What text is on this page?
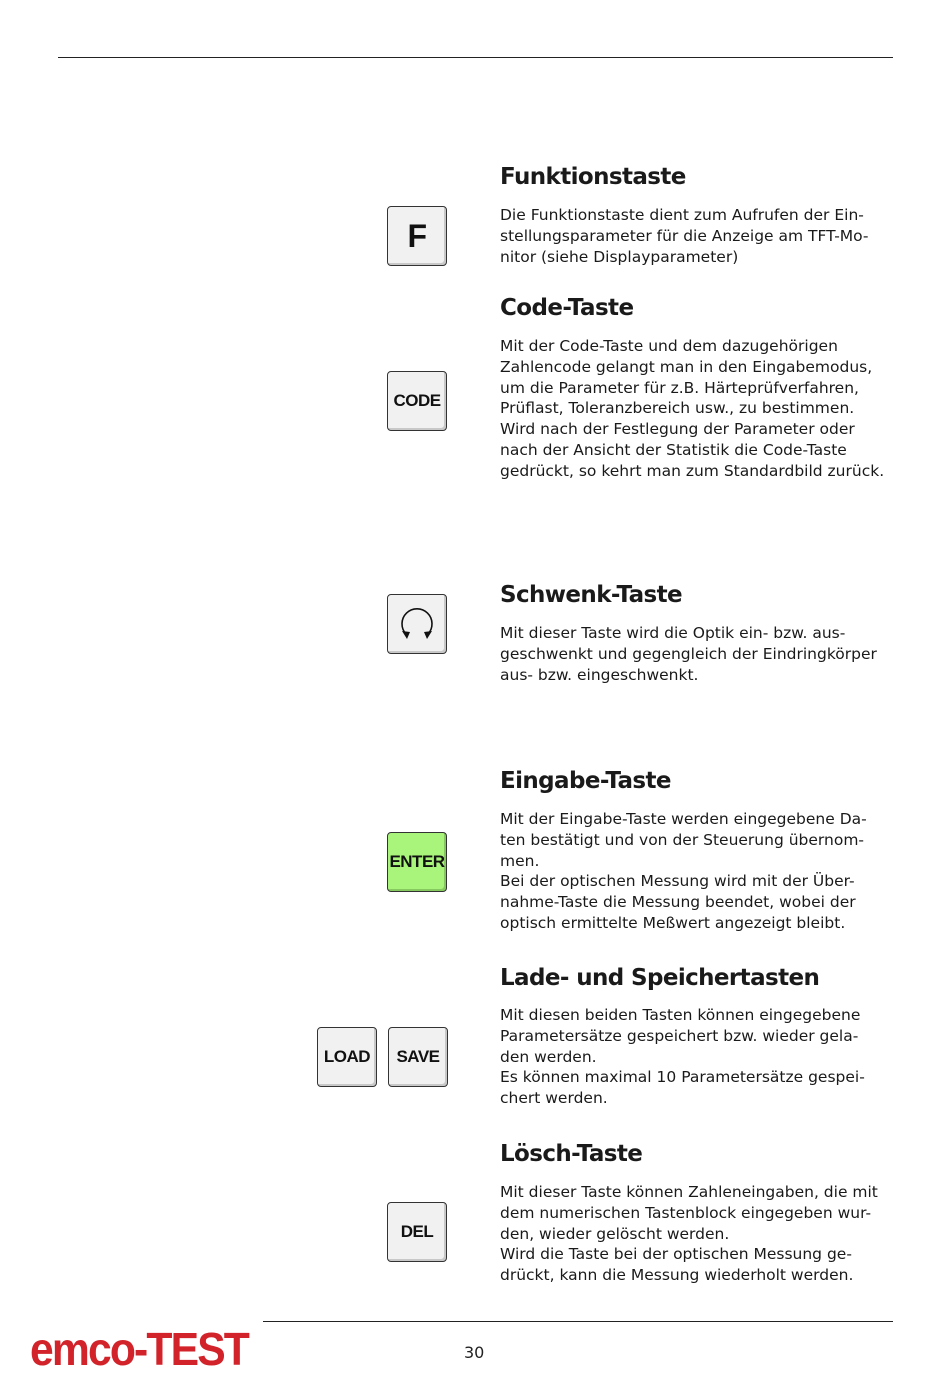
Funktionstaste
F
Die Funktionstaste dient zum Aufrufen der Ein-
stellungsparameter für die Anzeige am TFT-Mo-
nitor (siehe Displayparameter)
Code-Taste
CODE
Mit der Code-Taste und dem dazugehörigen
Zahlencode gelangt man in den Eingabemodus,
um die Parameter für z.B. Härteprüfverfahren,
Prüflast, Toleranzbereich usw., zu bestimmen.
Wird nach der Festlegung der Parameter oder
nach der Ansicht der Statistik die Code-Taste
gedrückt, so kehrt man zum Standardbild zurück.
Schwenk-Taste
Mit dieser Taste wird die Optik ein- bzw. aus-
geschwenkt und gegengleich der Eindringkörper
aus- bzw. eingeschwenkt.
Eingabe-Taste
ENTER
Mit der Eingabe-Taste werden eingegebene Da-
ten bestätigt und von der Steuerung übernom-
men.
Bei der optischen Messung wird mit der Über-
nahme-Taste die Messung beendet, wobei der
optisch ermittelte Meßwert angezeigt bleibt.
Lade- und Speichertasten
LOAD	SAVE
Mit diesen beiden Tasten können eingegebene
Parametersätze gespeichert bzw. wieder gela-
den werden.
Es können maximal 10 Parametersätze gespei-
chert werden.
Lösch-Taste
DEL
Mit dieser Taste können Zahleneingaben, die mit
dem numerischen Tastenblock eingegeben wur-
den, wieder gelöscht werden.
Wird die Taste bei der optischen Messung ge-
drückt, kann die Messung wiederholt werden.
emco-TEST	30
